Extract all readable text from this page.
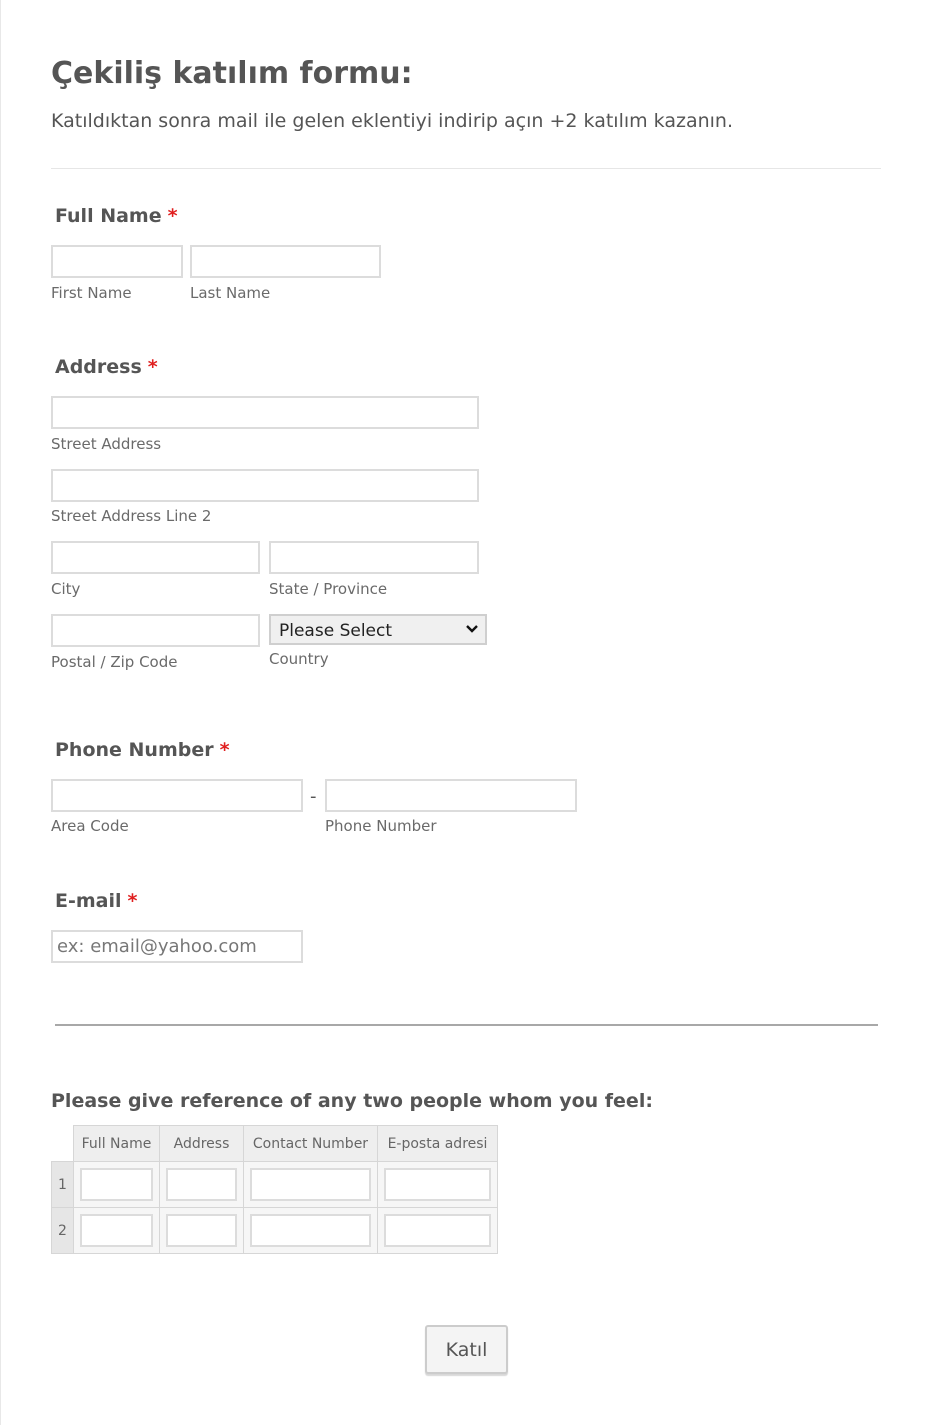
Çekiliş katılım formu:
Katıldıktan sonra mail ile gelen eklentiyi indirip açın +2 katılım kazanın.
Full Name *
First Name	Last Name
Address *
Street Address
Street Address Line 2
City	State / Province
Please Select
Postal / Zip Code	Country
Phone Number *
-
Area Code	Phone Number
E-mail *
ex: email@yahoo.com
Please give reference of any two people whom you feel:
	Full Name	Address	Contact Number	E-posta adresi
1				
2				
Katıl
